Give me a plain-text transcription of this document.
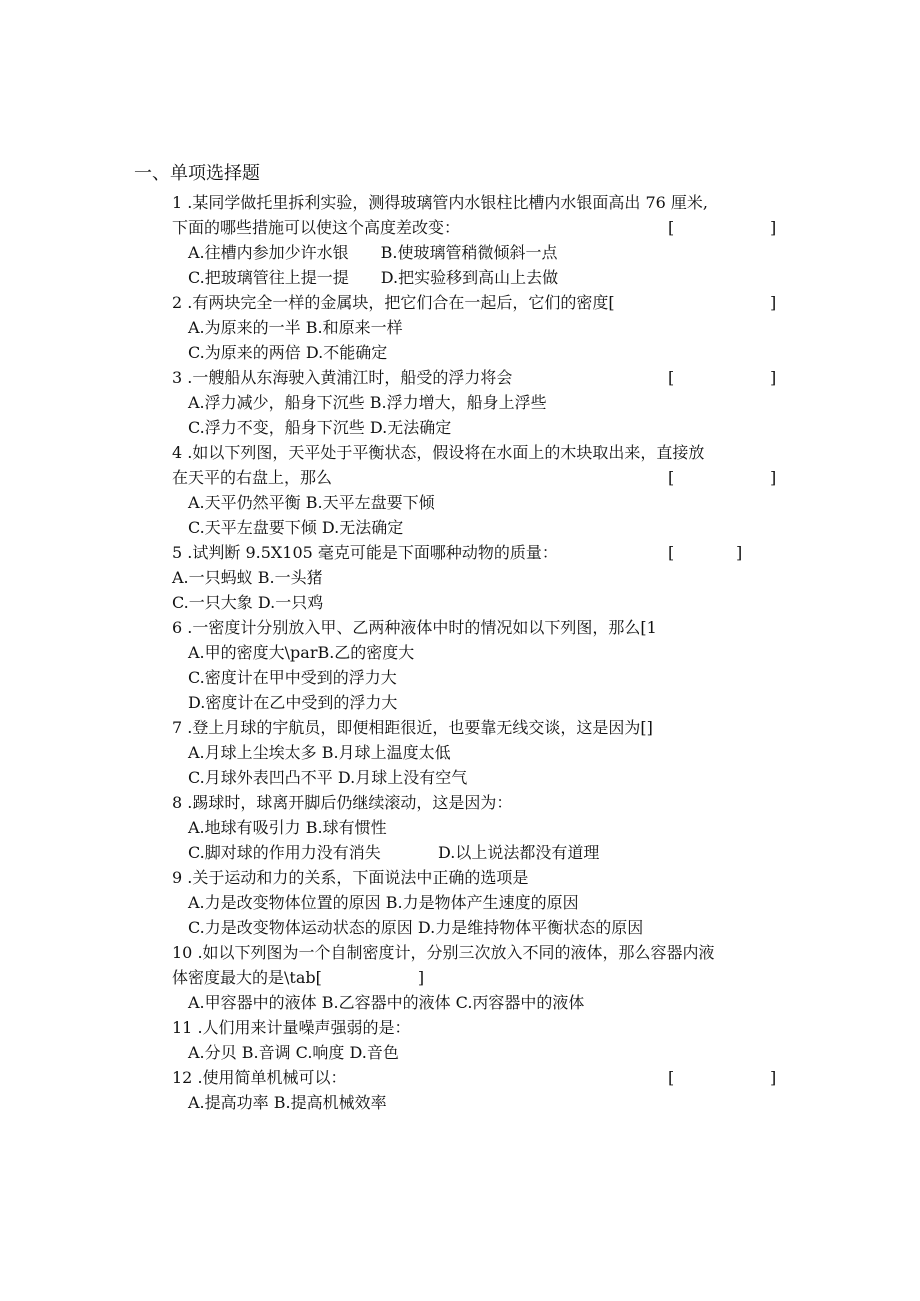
一、单项选择题
1 .某同学做托里拆利实验，测得玻璃管内水银柱比槽内水银面高出 76 厘米,
下面的哪些措施可以使这个高度差改变：	[	]
A.往槽内参加少许水银　　B.使玻璃管稍微倾斜一点
C.把玻璃管往上提一提　　D.把实验移到高山上去做
2 .有两块完全一样的金属块，把它们合在一起后，它们的密度[	]
A.为原来的一半 B.和原来一样
C.为原来的两倍 D.不能确定
3 .一艘船从东海驶入黄浦江时，船受的浮力将会	[	]
A.浮力减少，船身下沉些 B.浮力增大，船身上浮些
C.浮力不变，船身下沉些 D.无法确定
4 .如以下列图，天平处于平衡状态，假设将在水面上的木块取出来，直接放
在天平的右盘上，那么	[	]
A.天平仍然平衡 B.天平左盘要下倾
C.天平左盘要下倾 D.无法确定
5 .试判断 9.5X105 毫克可能是下面哪种动物的质量：	[	]
A.一只蚂蚁 B.一头猪
C.一只大象 D.一只鸡
6 .一密度计分别放入甲、乙两种液体中时的情况如以下列图，那么[1
A.甲的密度大\parB.乙的密度大
C.密度计在甲中受到的浮力大
D.密度计在乙中受到的浮力大
7 .登上月球的宇航员，即便相距很近，也要靠无线交谈，这是因为[]
A.月球上尘埃太多 B.月球上温度太低
C.月球外表凹凸不平 D.月球上没有空气
8 .踢球时，球离开脚后仍继续滚动，这是因为：
A.地球有吸引力 B.球有惯性
C.脚对球的作用力没有消失	D.以上说法都没有道理
9 .关于运动和力的关系，下面说法中正确的选项是
A.力是改变物体位置的原因 B.力是物体产生速度的原因
C.力是改变物体运动状态的原因 D.力是维持物体平衡状态的原因
10 .如以下列图为一个自制密度计，分别三次放入不同的液体，那么容器内液
体密度最大的是\tab[　　　　　　]
A.甲容器中的液体 B.乙容器中的液体 C.丙容器中的液体
11 .人们用来计量噪声强弱的是：
A.分贝 B.音调 C.响度 D.音色
12 .使用简单机械可以：	[	]
A.提高功率 B.提高机械效率
